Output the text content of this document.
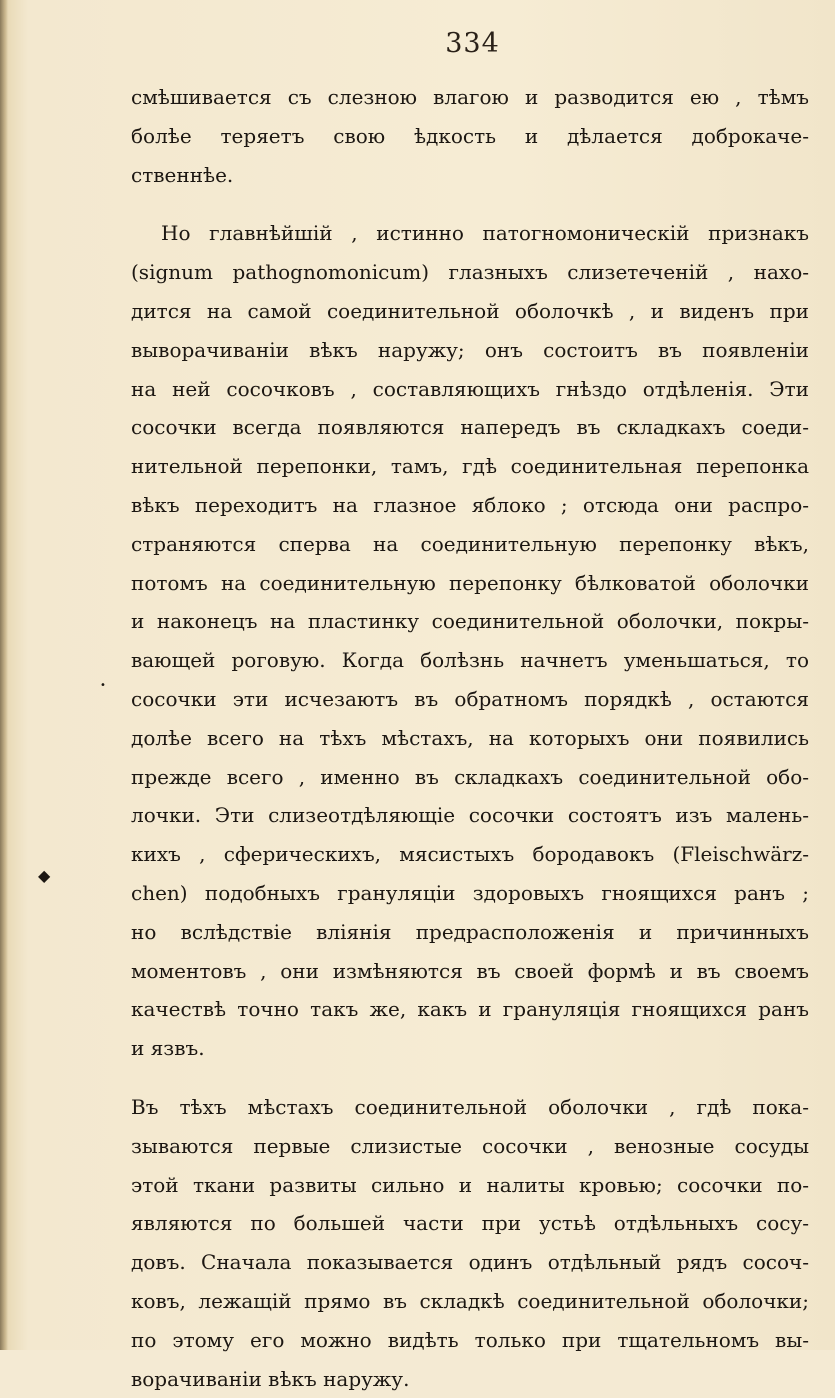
334
смѣшивается съ слезною влагою и разводится ею , тѣмъ
болѣе теряетъ свою ѣдкость и дѣлается доброкаче-
ственнѣе.
Но главнѣйшій , истинно патогномоническій признакъ
(signum pathognomonicum) глазныхъ слизетеченій , нахо-
дится на самой соединительной оболочкѣ , и виденъ при
выворачиваніи вѣкъ наружу; онъ состоитъ въ появленіи
на ней сосочковъ , составляющихъ гнѣздо отдѣленія. Эти
сосочки всегда появляются напередъ въ складкахъ соеди-
нительной перепонки, тамъ, гдѣ соединительная перепонка
вѣкъ переходитъ на глазное яблоко ; отсюда они распро-
страняются сперва на соединительную перепонку вѣкъ,
потомъ на соединительную перепонку бѣлковатой оболочки
и наконецъ на пластинку соединительной оболочки, покры-
вающей роговую. Когда болѣзнь начнетъ уменьшаться, то
сосочки эти исчезаютъ въ обратномъ порядкѣ , остаются
долѣе всего на тѣхъ мѣстахъ, на которыхъ они появились
прежде всего , именно въ складкахъ соединительной обо-
лочки. Эти слизеотдѣляющіе сосочки состоятъ изъ малень-
кихъ , сферическихъ, мясистыхъ бородавокъ (Fleischwärz-
chen) подобныхъ грануляціи здоровыхъ гноящихся ранъ ;
но вслѣдствіе вліянія предрасположенія и причинныхъ
моментовъ , они измѣняются въ своей формѣ и въ своемъ
качествѣ точно такъ же, какъ и грануляція гноящихся ранъ
и язвъ.
Въ тѣхъ мѣстахъ соединительной оболочки , гдѣ пока-
зываются первые слизистые сосочки , венозные сосуды
этой ткани развиты сильно и налиты кровью; сосочки по-
являются по большей части при устьѣ отдѣльныхъ сосу-
довъ. Сначала показывается одинъ отдѣльный рядъ сосоч-
ковъ, лежащій прямо въ складкѣ соединительной оболочки;
по этому его можно видѣть только при тщательномъ вы-
ворачиваніи вѣкъ наружу.
◆
•
